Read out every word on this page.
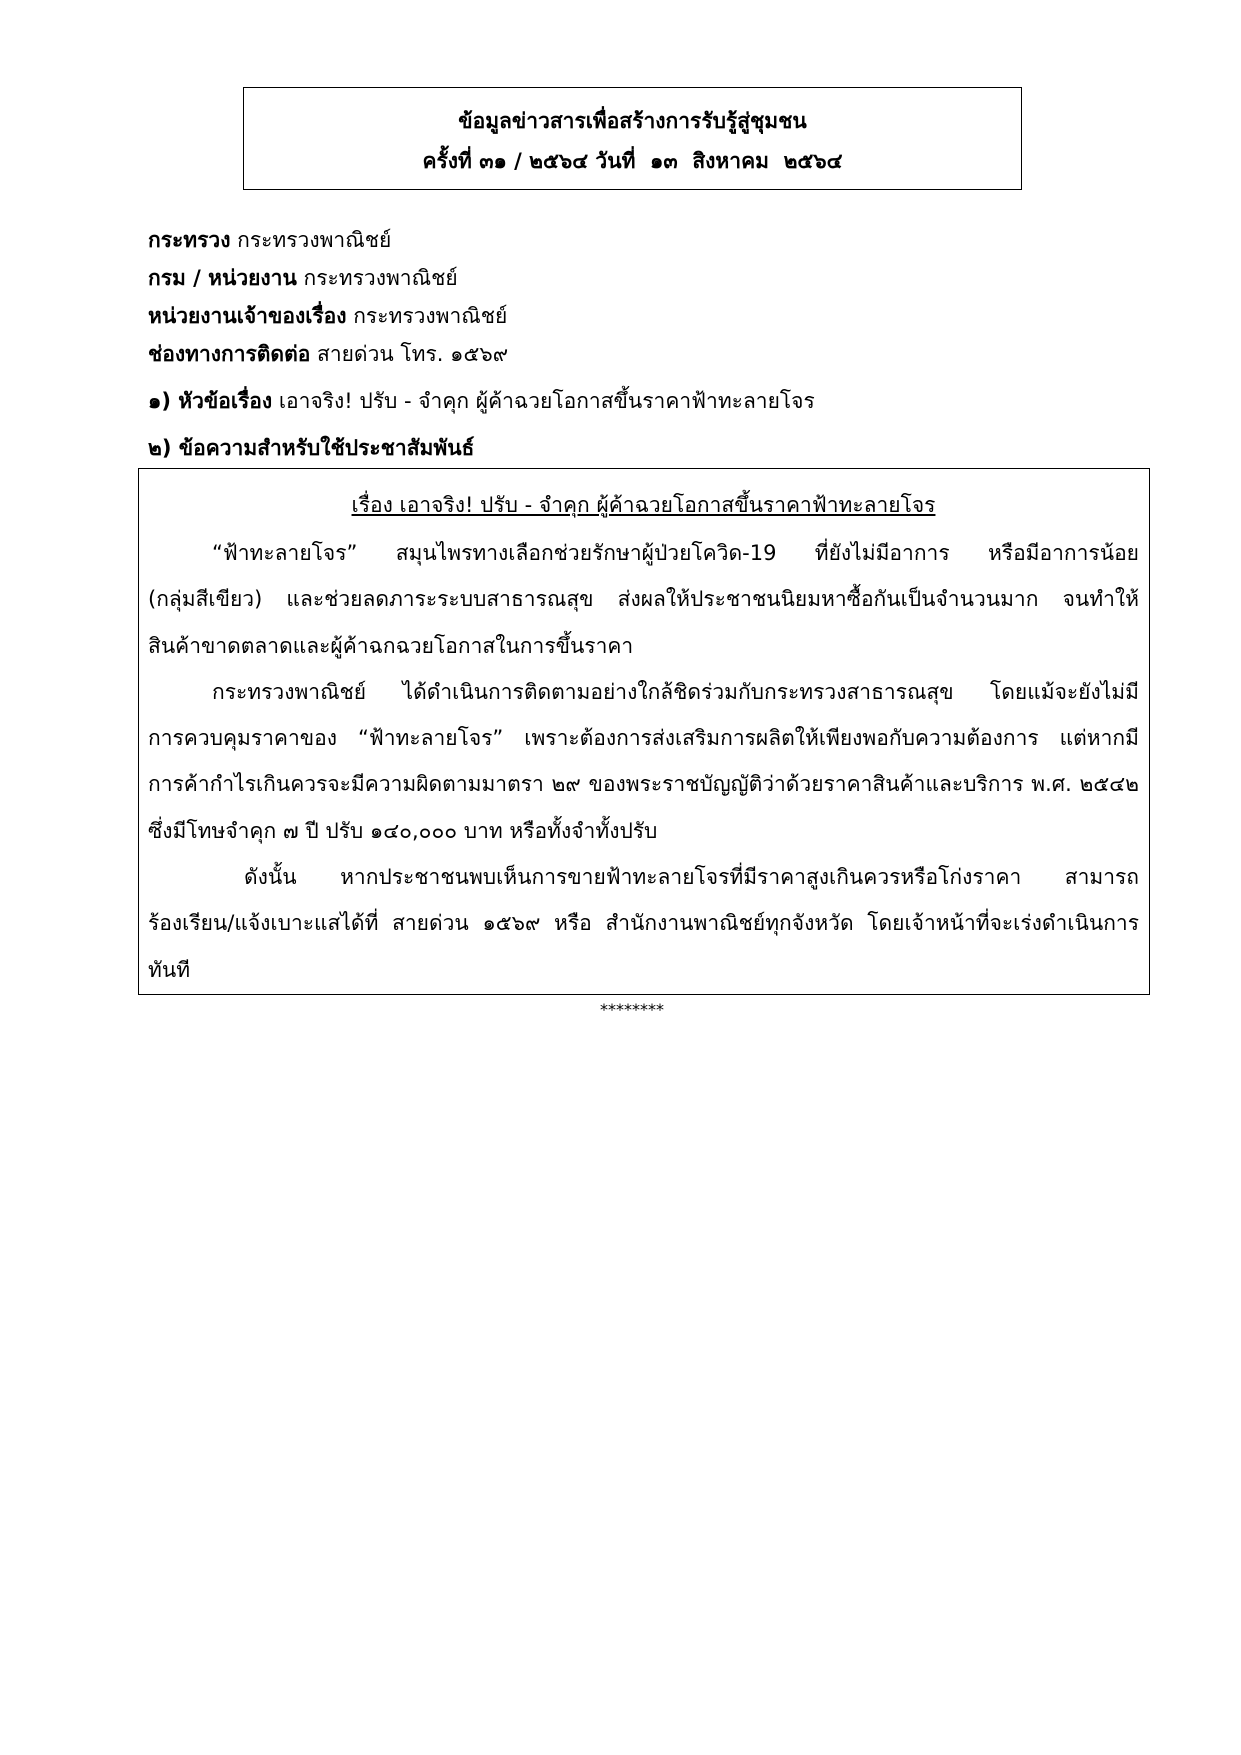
ข้อมูลข่าวสารเพื่อสร้างการรับรู้สู่ชุมชน
ครั้งที่ ๓๑ / ๒๕๖๔ วันที่  ๑๓  สิงหาคม  ๒๕๖๔
กระทรวง กระทรวงพาณิชย์
กรม / หน่วยงาน กระทรวงพาณิชย์
หน่วยงานเจ้าของเรื่อง กระทรวงพาณิชย์
ช่องทางการติดต่อ สายด่วน โทร. ๑๕๖๙
๑) หัวข้อเรื่อง เอาจริง! ปรับ - จำคุก ผู้ค้าฉวยโอกาสขึ้นราคาฟ้าทะลายโจร
๒) ข้อความสำหรับใช้ประชาสัมพันธ์
เรื่อง เอาจริง! ปรับ - จำคุก ผู้ค้าฉวยโอกาสขึ้นราคาฟ้าทะลายโจร
“ฟ้าทะลายโจร” สมุนไพรทางเลือกช่วยรักษาผู้ป่วยโควิด-19 ที่ยังไม่มีอาการ หรือมีอาการน้อย
(กลุ่มสีเขียว) และช่วยลดภาระระบบสาธารณสุข ส่งผลให้ประชาชนนิยมหาซื้อกันเป็นจำนวนมาก จนทำให้
สินค้าขาดตลาดและผู้ค้าฉกฉวยโอกาสในการขึ้นราคา
กระทรวงพาณิชย์ ได้ดำเนินการติดตามอย่างใกล้ชิดร่วมกับกระทรวงสาธารณสุข โดยแม้จะยังไม่มี
การควบคุมราคาของ “ฟ้าทะลายโจร” เพราะต้องการส่งเสริมการผลิตให้เพียงพอกับความต้องการ แต่หากมี
การค้ากำไรเกินควรจะมีความผิดตามมาตรา ๒๙ ของพระราชบัญญัติว่าด้วยราคาสินค้าและบริการ พ.ศ. ๒๕๔๒
ซึ่งมีโทษจำคุก ๗ ปี ปรับ ๑๔๐,๐๐๐ บาท หรือทั้งจำทั้งปรับ
ดังนั้น หากประชาชนพบเห็นการขายฟ้าทะลายโจรที่มีราคาสูงเกินควรหรือโก่งราคา สามารถ
ร้องเรียน/แจ้งเบาะแสได้ที่ สายด่วน ๑๕๖๙ หรือ สำนักงานพาณิชย์ทุกจังหวัด โดยเจ้าหน้าที่จะเร่งดำเนินการ
ทันที
********
